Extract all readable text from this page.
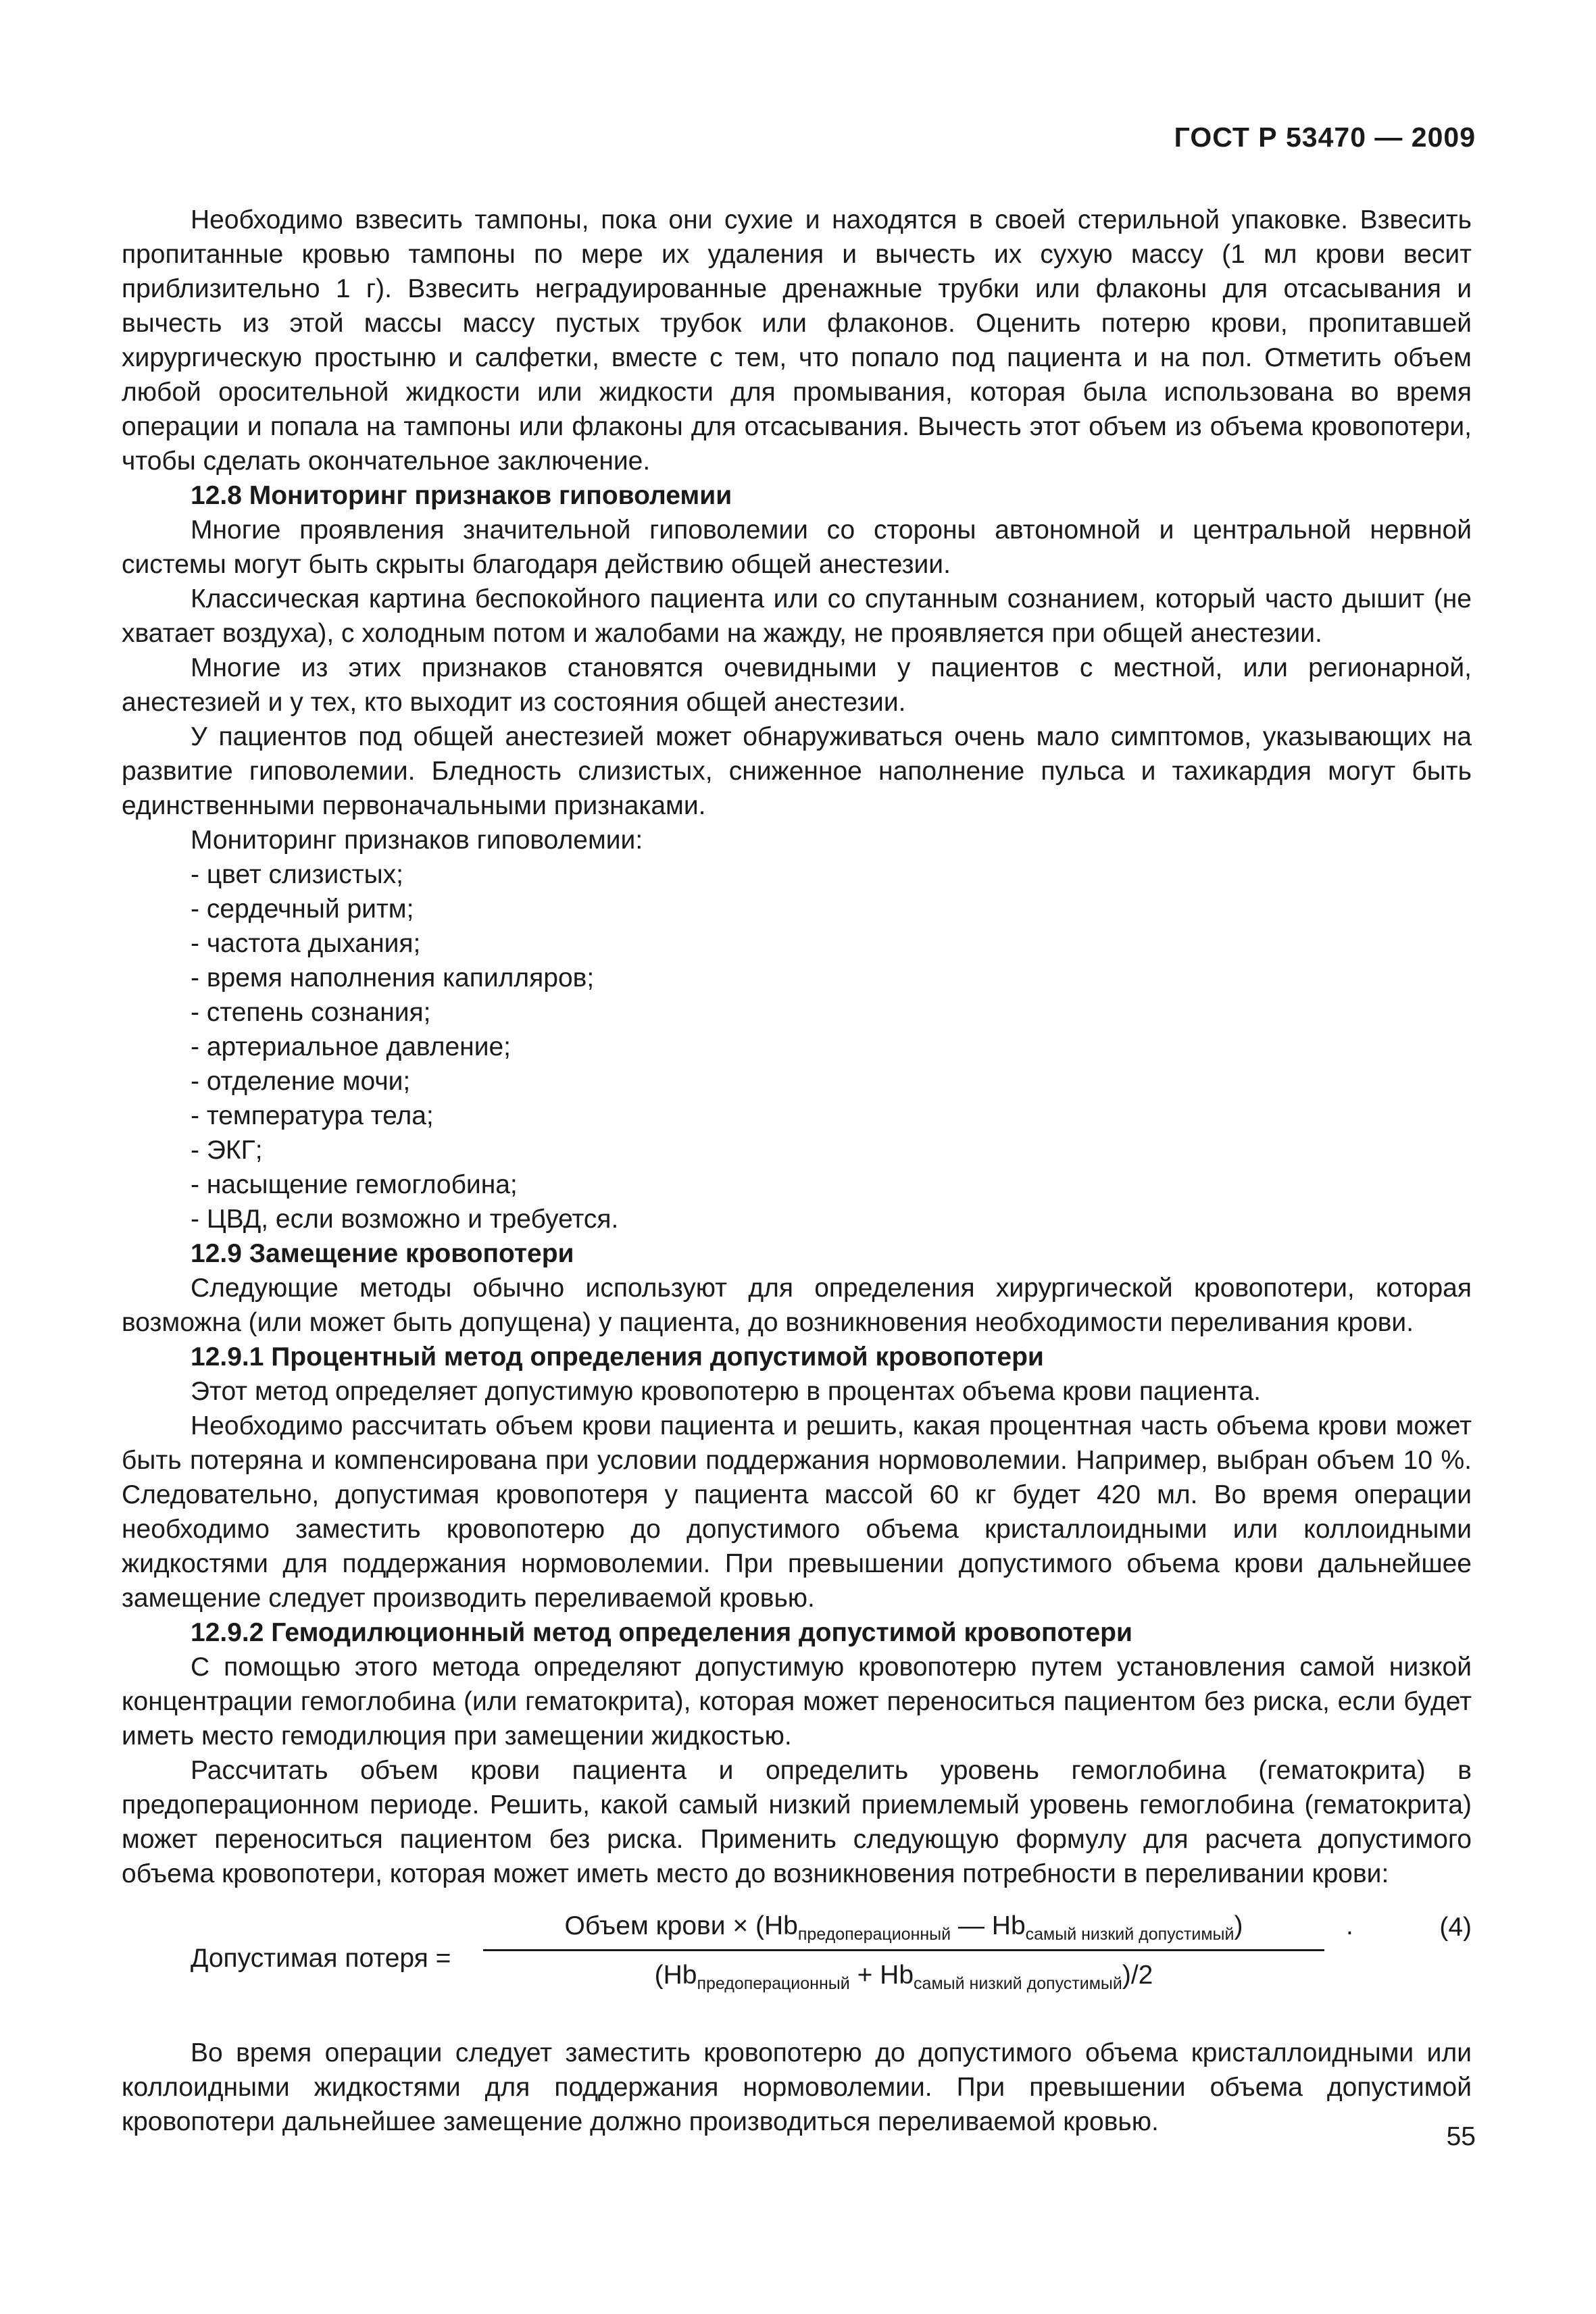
ГОСТ Р 53470 — 2009

Необходимо взвесить тампоны, пока они сухие и находятся в своей стерильной упаковке. Взвесить пропитанные кровью тампоны по мере их удаления и вычесть их сухую массу (1 мл крови весит приблизительно 1 г). Взвесить неградуированные дренажные трубки или флаконы для отсасывания и вычесть из этой массы массу пустых трубок или флаконов. Оценить потерю крови, пропитавшей хирургическую простыню и салфетки, вместе с тем, что попало под пациента и на пол. Отметить объем любой оросительной жидкости или жидкости для промывания, которая была использована во время операции и попала на тампоны или флаконы для отсасывания. Вычесть этот объем из объема кровопотери, чтобы сделать окончательное заключение.

12.8 Мониторинг признаков гиповолемии

Многие проявления значительной гиповолемии со стороны автономной и центральной нервной системы могут быть скрыты благодаря действию общей анестезии.

Классическая картина беспокойного пациента или со спутанным сознанием, который часто дышит (не хватает воздуха), с холодным потом и жалобами на жажду, не проявляется при общей анестезии.

Многие из этих признаков становятся очевидными у пациентов с местной, или регионарной, анестезией и у тех, кто выходит из состояния общей анестезии.

У пациентов под общей анестезией может обнаруживаться очень мало симптомов, указывающих на развитие гиповолемии. Бледность слизистых, сниженное наполнение пульса и тахикардия могут быть единственными первоначальными признаками.

Мониторинг признаков гиповолемии:
- цвет слизистых;
- сердечный ритм;
- частота дыхания;
- время наполнения капилляров;
- степень сознания;
- артериальное давление;
- отделение мочи;
- температура тела;
- ЭКГ;
- насыщение гемоглобина;
- ЦВД, если возможно и требуется.
12.9 Замещение кровопотери

Следующие методы обычно используют для определения хирургической кровопотери, которая возможна (или может быть допущена) у пациента, до возникновения необходимости переливания крови.

12.9.1 Процентный метод определения допустимой кровопотери

Этот метод определяет допустимую кровопотерю в процентах объема крови пациента.

Необходимо рассчитать объем крови пациента и решить, какая процентная часть объема крови может быть потеряна и компенсирована при условии поддержания нормоволемии. Например, выбран объем 10 %. Следовательно, допустимая кровопотеря у пациента массой 60 кг будет 420 мл. Во время операции необходимо заместить кровопотерю до допустимого объема кристаллоидными или коллоидными жидкостями для поддержания нормоволемии. При превышении допустимого объема крови дальнейшее замещение следует производить переливаемой кровью.

12.9.2 Гемодилюционный метод определения допустимой кровопотери

С помощью этого метода определяют допустимую кровопотерю путем установления самой низкой концентрации гемоглобина (или гематокрита), которая может переноситься пациентом без риска, если будет иметь место гемодилюция при замещении жидкостью.

Рассчитать объем крови пациента и определить уровень гемоглобина (гематокрита) в предоперационном периоде. Решить, какой самый низкий приемлемый уровень гемоглобина (гематокрита) может переноситься пациентом без риска. Применить следующую формулу для расчета допустимого объема кровопотери, которая может иметь место до возникновения потребности в переливании крови:

Допустимая потеря =
Объем крови × ($Hb_{предоперационный}$ — $Hb_{самый низкий допустимый}$)
$(Hb_{предоперационный} + Hb_{самый низкий допустимый})/2$
.	(4)

Во время операции следует заместить кровопотерю до допустимого объема кристаллоидными или коллоидными жидкостями для поддержания нормоволемии. При превышении объема допустимой кровопотери дальнейшее замещение должно производиться переливаемой кровью.

55
